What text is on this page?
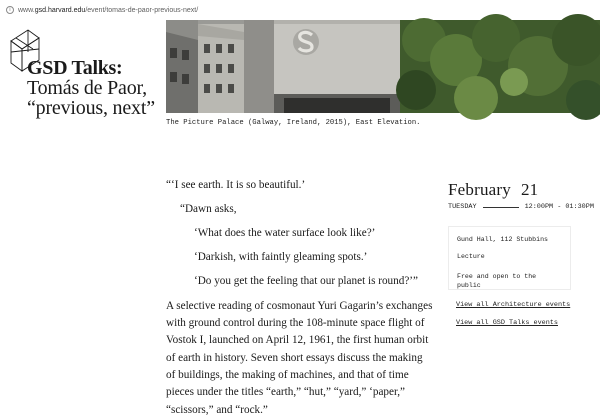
i	www. gsd.harvard.edu /event/tomas-de-paor-previous-next/
GSD Talks:
Tomás de Paor,
“previous, next”
The Picture Palace (Galway, Ireland, 2015), East Elevation.
“‘I see earth. It is so beautiful.’
“Dawn asks,
‘What does the water surface look like?’
‘Darkish, with faintly gleaming spots.’
‘Do you get the feeling that our planet is round?’”
A selective reading of cosmonaut Yuri Gagarin’s exchanges with ground control during the 108-minute space flight of Vostok I, launched on April 12, 1961, the first human orbit of earth in history. Seven short essays discuss the making of buildings, the making of machines, and that of time pieces under the titles “earth,” “hut,” “yard,” ‘paper,” “scissors,” and “rock.”
February 21
TUESDAY	12:00PM - 01:30PM
Gund Hall, 112 Stubbins
Lecture
Free and open to the public
View all Architecture events
View all GSD Talks events
